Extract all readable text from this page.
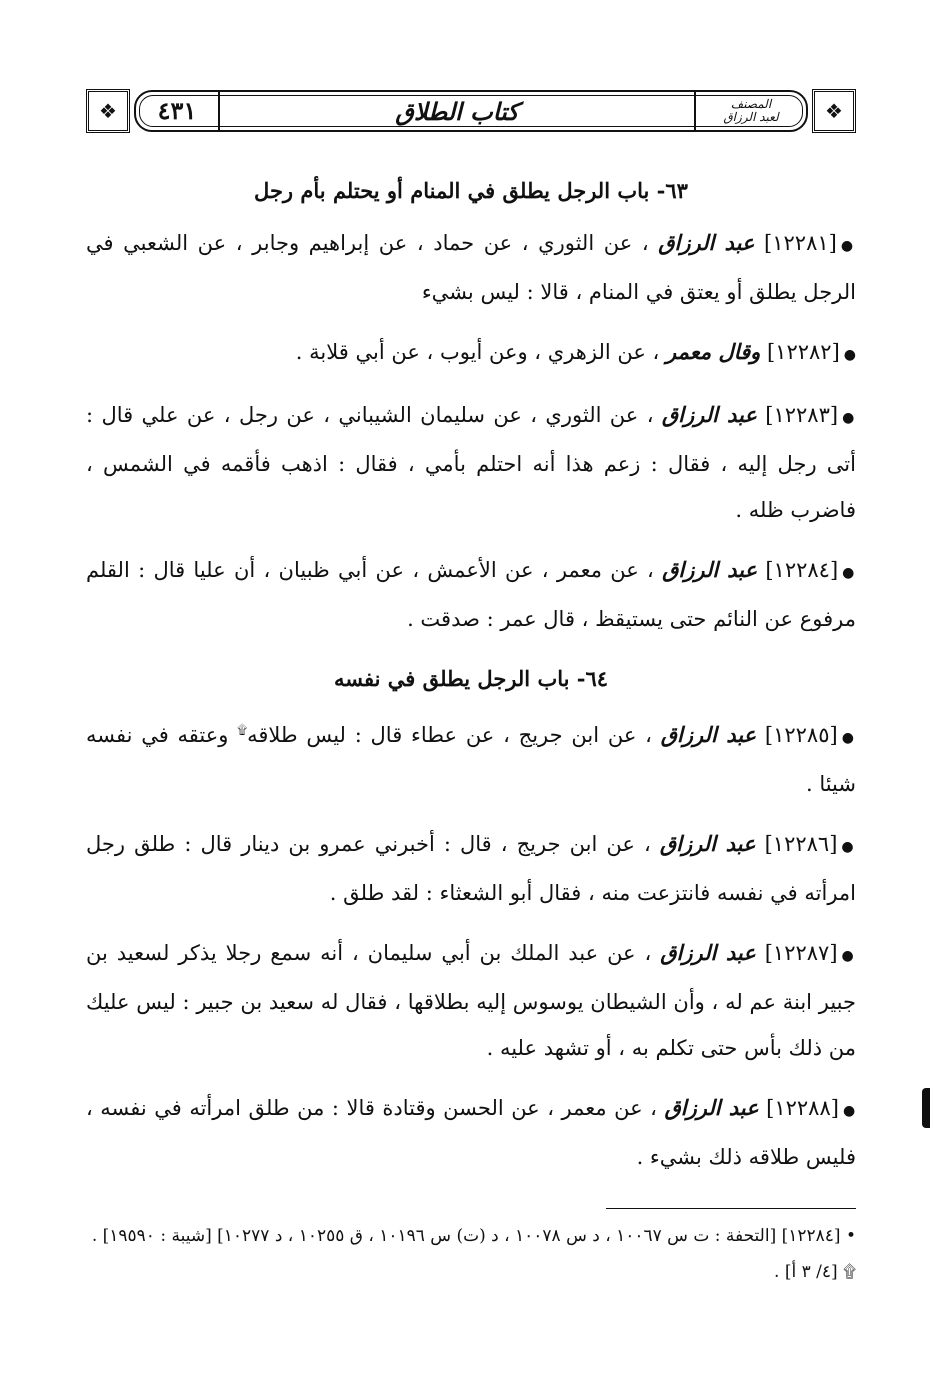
❖	٤٣١	كتاب الطلاق	المصنف
لعبد الرزاق	❖
٦٣- باب الرجل يطلق في المنام أو يحتلم بأم رجل
●[١٢٢٨١] عبد الرزاق ، عن الثوري ، عن حماد ، عن إبراهيم وجابر ، عن الشعبي في الرجل يطلق أو يعتق في المنام ، قالا : ليس بشيء
●[١٢٢٨٢] وقال معمر ، عن الزهري ، وعن أيوب ، عن أبي قلابة .
●[١٢٢٨٣] عبد الرزاق ، عن الثوري ، عن سليمان الشيباني ، عن رجل ، عن علي قال : أتى رجل إليه ، فقال : زعم هذا أنه احتلم بأمي ، فقال : اذهب فأقمه في الشمس ، فاضرب ظله .
●[١٢٢٨٤] عبد الرزاق ، عن معمر ، عن الأعمش ، عن أبي ظبيان ، أن عليا قال : القلم مرفوع عن النائم حتى يستيقظ ، قال عمر : صدقت .
٦٤- باب الرجل يطلق في نفسه
●[١٢٢٨٥] عبد الرزاق ، عن ابن جريج ، عن عطاء قال : ليس طلاقه۩ وعتقه في نفسه شيئا .
●[١٢٢٨٦] عبد الرزاق ، عن ابن جريج ، قال : أخبرني عمرو بن دينار قال : طلق رجل امرأته في نفسه فانتزعت منه ، فقال أبو الشعثاء : لقد طلق .
●[١٢٢٨٧] عبد الرزاق ، عن عبد الملك بن أبي سليمان ، أنه سمع رجلا يذكر لسعيد بن جبير ابنة عم له ، وأن الشيطان يوسوس إليه بطلاقها ، فقال له سعيد بن جبير : ليس عليك من ذلك بأس حتى تكلم به ، أو تشهد عليه .
●[١٢٢٨٨] عبد الرزاق ، عن معمر ، عن الحسن وقتادة قالا : من طلق امرأته في نفسه ، فليس طلاقه ذلك بشيء .

• [١٢٢٨٤] [التحفة : ت س ١٠٠٦٧ ، د س ١٠٠٧٨ ، د (ت) س ١٠١٩٦ ، ق ١٠٢٥٥ ، د ١٠٢٧٧] [شيبة : ١٩٥٩٠] .

۩ [٤/ ٣ أ] .
